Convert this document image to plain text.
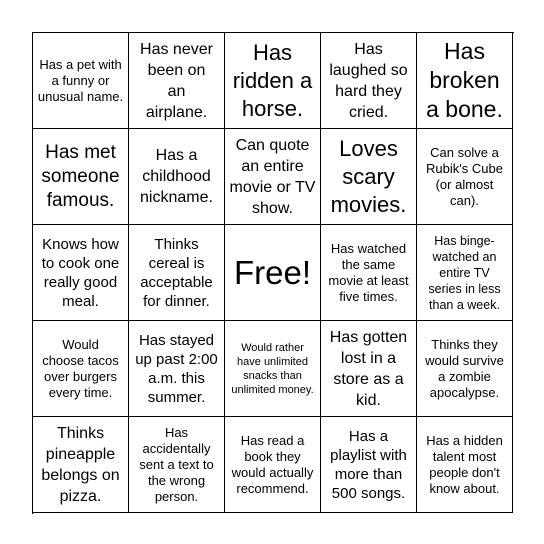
Has a pet with a funny or unusual name.
Has never been on an airplane.
Has ridden a horse.
Has laughed so hard they cried.
Has broken a bone.
Has met someone famous.
Has a childhood nickname.
Can quote an entire movie or TV show.
Loves scary movies.
Can solve a Rubik's Cube (or almost can).
Knows how to cook one really good meal.
Thinks cereal is acceptable for dinner.
Free!
Has watched the same movie at least five times.
Has binge-watched an entire TV series in less than a week.
Would choose tacos over burgers every time.
Has stayed up past 2:00 a.m. this summer.
Would rather have unlimited snacks than unlimited money.
Has gotten lost in a store as a kid.
Thinks they would survive a zombie apocalypse.
Thinks pineapple belongs on pizza.
Has accidentally sent a text to the wrong person.
Has read a book they would actually recommend.
Has a playlist with more than 500 songs.
Has a hidden talent most people don't know about.
